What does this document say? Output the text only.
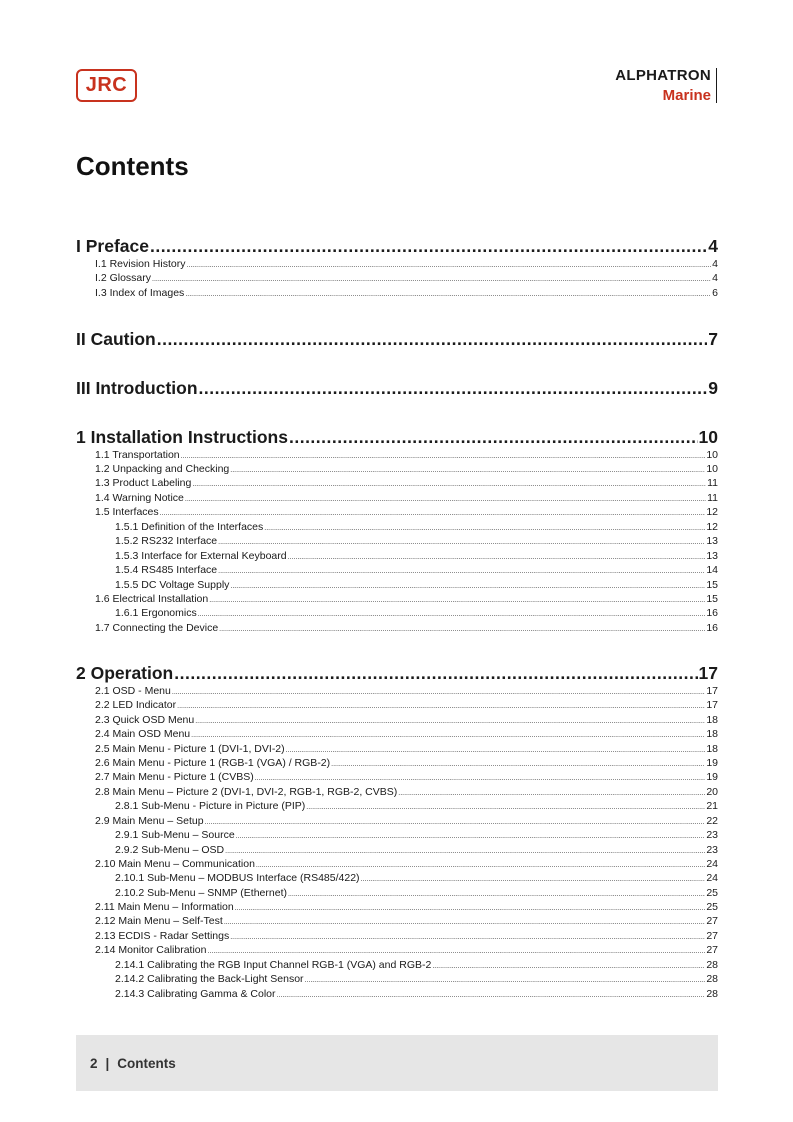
JRC	ALPHATRON
Marine
Contents
I Preface .....	4
I.1 Revision History .....	4
I.2 Glossary .....	4
I.3 Index of Images .....	6
II Caution .....	7
III Introduction .....	9
1 Installation Instructions .....	10
1.1 Transportation .....	10
1.2 Unpacking and Checking .....	10
1.3 Product Labeling .....	11
1.4 Warning Notice .....	11
1.5 Interfaces .....	12
1.5.1 Definition of the Interfaces .....	12
1.5.2 RS232 Interface .....	13
1.5.3 Interface for External Keyboard .....	13
1.5.4 RS485 Interface .....	14
1.5.5 DC Voltage Supply .....	15
1.6 Electrical Installation .....	15
1.6.1 Ergonomics .....	16
1.7 Connecting the Device .....	16
2 Operation .....	17
2.1 OSD - Menu .....	17
2.2 LED Indicator .....	17
2.3 Quick OSD Menu .....	18
2.4 Main OSD Menu .....	18
2.5 Main Menu - Picture 1 (DVI-1, DVI-2) .....	18
2.6 Main Menu - Picture 1 (RGB-1 (VGA) / RGB-2) .....	19
2.7 Main Menu - Picture 1 (CVBS) .....	19
2.8 Main Menu – Picture 2 (DVI-1, DVI-2, RGB-1, RGB-2, CVBS) .....	20
2.8.1 Sub-Menu - Picture in Picture (PIP) .....	21
2.9 Main Menu – Setup .....	22
2.9.1 Sub-Menu – Source .....	23
2.9.2 Sub-Menu – OSD .....	23
2.10 Main Menu – Communication .....	24
2.10.1 Sub-Menu – MODBUS Interface (RS485/422) .....	24
2.10.2 Sub-Menu – SNMP (Ethernet) .....	25
2.11 Main Menu – Information .....	25
2.12 Main Menu – Self-Test .....	27
2.13 ECDIS - Radar Settings .....	27
2.14 Monitor Calibration .....	27
2.14.1 Calibrating the RGB Input Channel RGB-1 (VGA) and RGB-2 .....	28
2.14.2 Calibrating the Back-Light Sensor .....	28
2.14.3 Calibrating Gamma & Color .....	28
2 | Contents
